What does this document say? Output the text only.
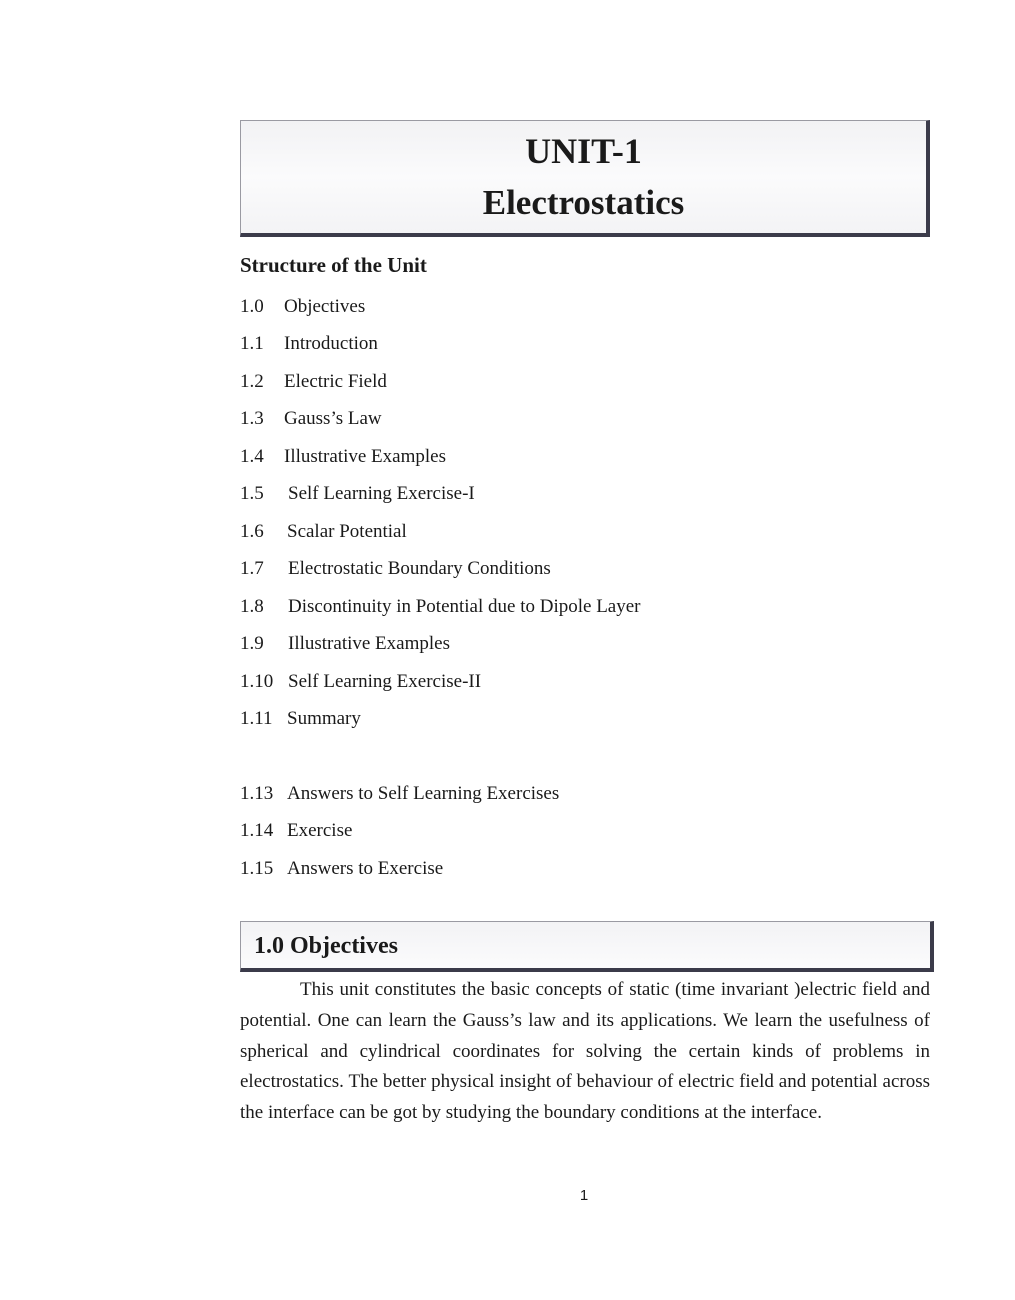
UNIT-1
Electrostatics
Structure of the Unit
1.0 Objectives
1.1 Introduction
1.2 Electric Field
1.3 Gauss’s Law
1.4 Illustrative Examples
1.5 Self Learning Exercise-I
1.6 Scalar Potential
1.7 Electrostatic Boundary Conditions
1.8 Discontinuity in Potential due to Dipole Layer
1.9 Illustrative Examples
1.10 Self Learning Exercise-II
1.11 Summary
1.13 Answers to Self Learning Exercises
1.14 Exercise
1.15 Answers to Exercise
1.0 Objectives

This unit constitutes the basic concepts of static (time invariant )electric field and potential. One can learn the Gauss’s law and its applications. We learn the usefulness of spherical and cylindrical coordinates for solving the certain kinds of problems in electrostatics. The better physical insight of behaviour of electric field and potential across the interface can be got by studying the boundary conditions at the interface.

1
